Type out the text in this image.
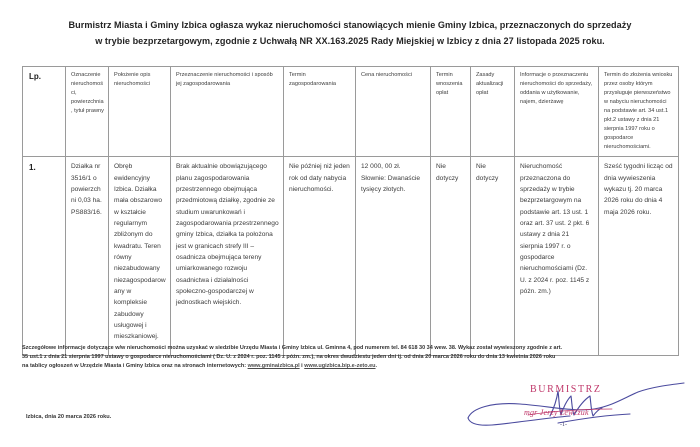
Burmistrz Miasta i Gminy Izbica ogłasza wykaz nieruchomości stanowiących mienie Gminy Izbica, przeznaczonych do sprzedaży
w trybie bezprzetargowym, zgodnie z Uchwałą NR XX.163.2025 Rady Miejskiej w Izbicy z dnia 27 listopada 2025 roku.
Lp.	Oznaczenie nieruchomości, powierzchnia, tytuł prawny	Położenie opis nieruchomości	Przeznaczenie nieruchomości i sposób jej zagospodarowania	Termin zagospodarowania	Cena nieruchomości	Termin wnoszenia opłat	Zasady aktualizacji opłat	Informacje o przeznaczeniu nieruchomości do sprzedaży, oddania w użytkowanie, najem, dzierżawę	Termin do złożenia wniosku przez osoby którym przysługuje pierwszeństwo w nabyciu nieruchomości na podstawie art. 34 ust.1 pkt.2 ustawy z dnia 21 sierpnia 1997 roku o gospodarce nieruchomościami.
1.	Działka nr 3516/1 o powierzchni 0,03 ha. PS883/16.	Obręb ewidencyjny Izbica. Działka mała obszarowo w kształcie regularnym zbliżonym do kwadratu. Teren równy niezabudowany niezagospodarowany w kompleksie zabudowy usługowej i mieszkaniowej.	Brak aktualnie obowiązującego planu zagospodarowania przestrzennego obejmująca przedmiotową działkę, zgodnie ze studium uwarunkowań i zagospodarowania przestrzennego gminy Izbica, działka ta położona jest w granicach strefy III – osadnicza obejmująca tereny umiarkowanego rozwoju osadnictwa i działalności społeczno-gospodarczej w jednostkach wiejskich.	Nie później niż jeden rok od daty nabycia nieruchomości.	12 000, 00 zł. Słownie: Dwanaście tysięcy złotych.	Nie dotyczy	Nie dotyczy	Nieruchomość przeznaczona do sprzedaży w trybie bezprzetargowym na podstawie art. 13 ust. 1 oraz art. 37 ust. 2 pkt. 6 ustawy z dnia 21 sierpnia 1997 r. o gospodarce nieruchomościami (Dz. U. z 2024 r. poz. 1145 z póżn. zm.)	Sześć tygodni licząc od dnia wywieszenia wykazu tj. 20 marca 2026 roku do dnia 4 maja 2026 roku.
Szczegółowe informacje dotyczące w/w nieruchomości można uzyskać w siedzibie Urzędu Miasta i Gminy Izbica ul. Gminna 4, pod numerem tel. 84 618 30 34 wew. 38. Wykaz został wywieszony zgodnie z art.
35 ust.1 z dnia 21 sierpnia 1997 ustawy o gospodarce nieruchomościami ( Dz. U. z 2024 r. poz. 1145 z póżn. zm.), na okres dwudziestu jeden dni tj. od dnia 20 marca 2026 roku do dnia 13 kwietnia 2026 roku
na tablicy ogłoszeń w Urzędzie Miasta i Gminy Izbica oraz na stronach internetowych: www.gminaizbica.pl i www.ugizbica.bip.e-zeto.eu.
Izbica, dnia 20 marca 2026 roku.
BURMISTRZ
mgr Jerzy Lewczuk
-1-
